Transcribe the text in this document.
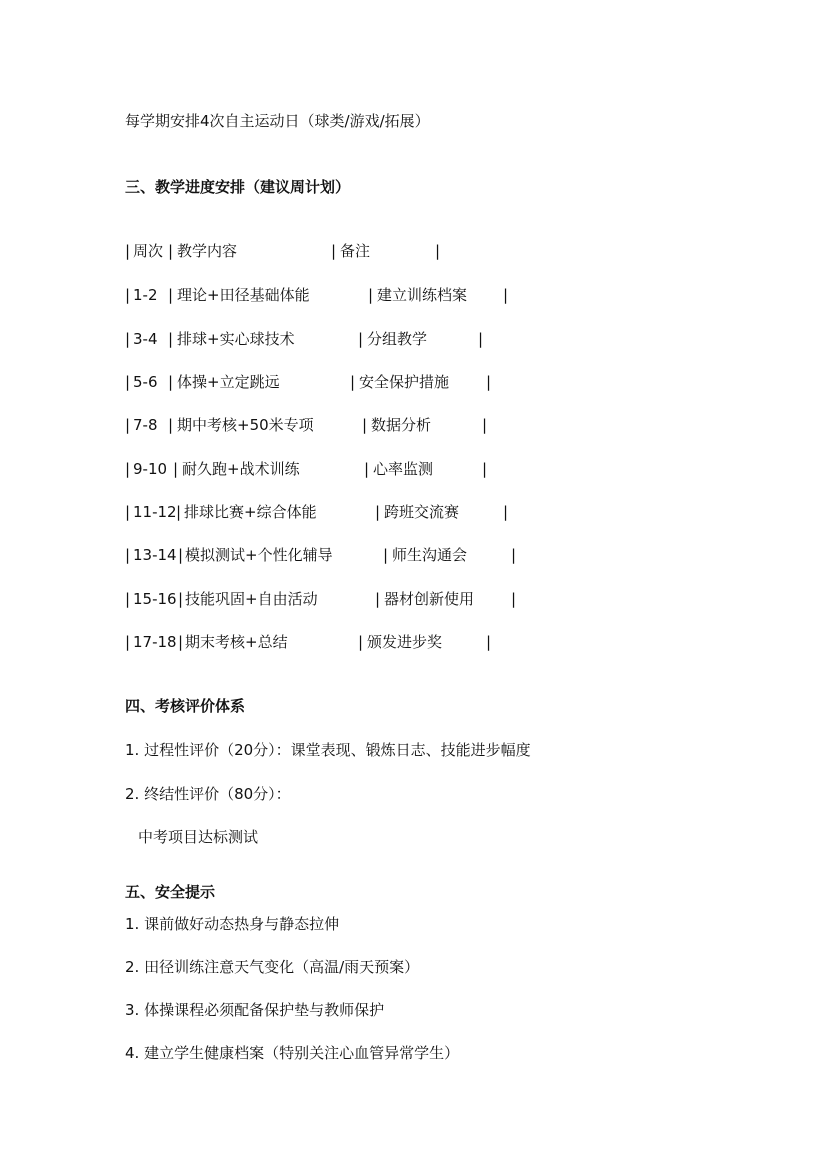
每学期安排4次自主运动日（球类/游戏/拓展）
三、教学进度安排（建议周计划）
| 周次 | 教学内容	| 备注	|
| 1-2 | 理论+田径基础体能	| 建立训练档案 |
| 3-4 | 排球+实心球技术	| 分组教学	|
| 5-6 | 体操+立定跳远	| 安全保护措施 |
| 7-8 | 期中考核+50米专项	| 数据分析	|
| 9-10 | 耐久跑+战术训练	| 心率监测	|
| 11-12 | 排球比赛+综合体能	| 跨班交流赛	|
| 13-14 | 模拟测试+个性化辅导	| 师生沟通会	|
| 15-16 | 技能巩固+自由活动	| 器材创新使用 |
| 17-18 | 期末考核+总结	| 颁发进步奖	|
四、考核评价体系
1. 过程性评价（20分）：课堂表现、锻炼日志、技能进步幅度
2. 终结性评价（80分）：
中考项目达标测试
五、安全提示
1. 课前做好动态热身与静态拉伸
2. 田径训练注意天气变化（高温/雨天预案）
3. 体操课程必须配备保护垫与教师保护
4. 建立学生健康档案（特别关注心血管异常学生）
